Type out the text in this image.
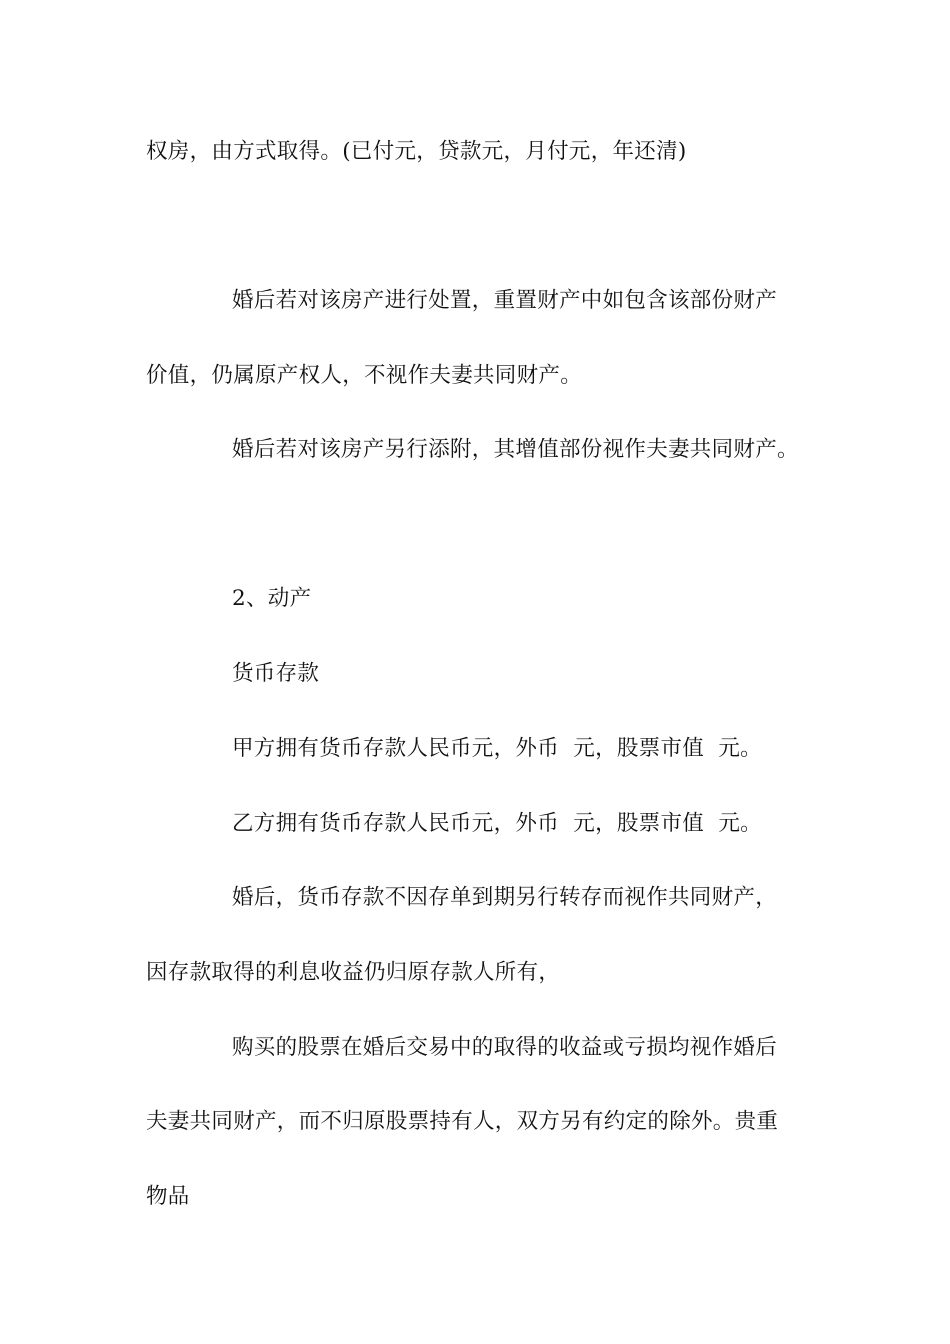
权房，由方式取得。(已付元，贷款元，月付元，年还清)

婚后若对该房产进行处置，重置财产中如包含该部份财产

价值，仍属原产权人，不视作夫妻共同财产。

婚后若对该房产另行添附，其增值部份视作夫妻共同财产。

2、动产

货币存款

甲方拥有货币存款人民币元，外币  元，股票市值  元。

乙方拥有货币存款人民币元，外币  元，股票市值  元。

婚后，货币存款不因存单到期另行转存而视作共同财产，

因存款取得的利息收益仍归原存款人所有，

购买的股票在婚后交易中的取得的收益或亏损均视作婚后

夫妻共同财产，而不归原股票持有人，双方另有约定的除外。贵重

物品
